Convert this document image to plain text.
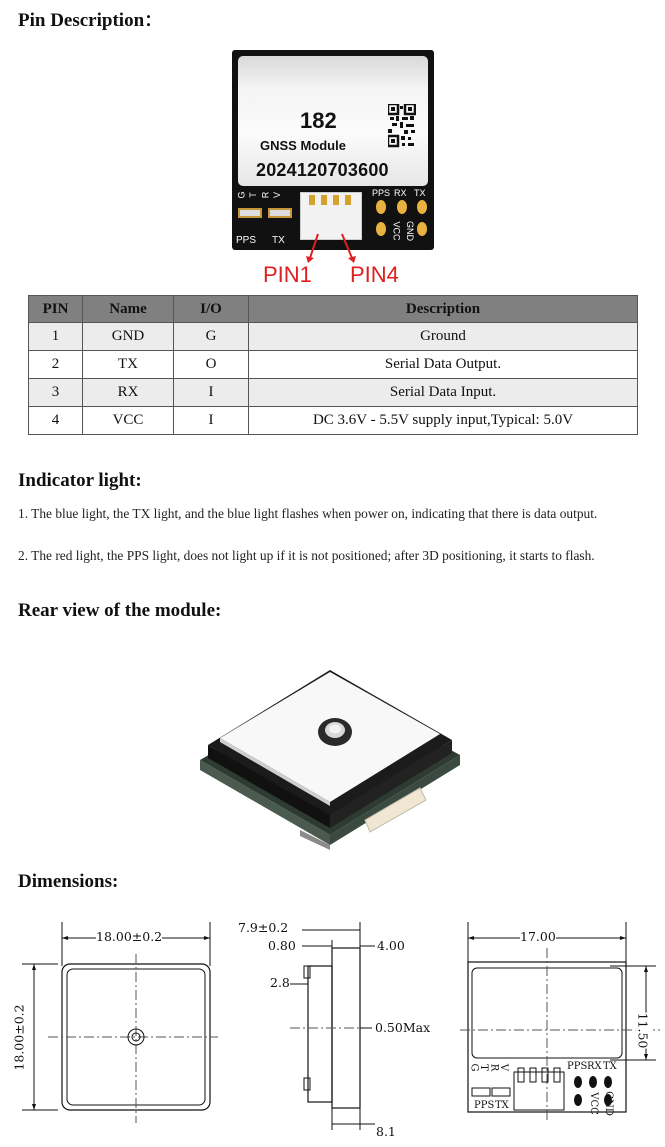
Pin Description：
182
GNSS Module
2024120703600
G T R V
PPS TX
PPS RX TX
VCC GND
PIN1 PIN4
PIN	Name	I/O	Description
1	GND	G	Ground
2	TX	O	Serial Data Output.
3	RX	I	Serial Data Input.
4	VCC	I	DC 3.6V - 5.5V supply input,Typical: 5.0V
Indicator light:

1. The blue light, the TX light, and the blue light flashes when power on, indicating that there is data output.

2. The red light, the PPS light, does not light up if it is not positioned; after 3D positioning, it starts to flash.

Rear view of the module:
Dimensions:
18.00±0.2
18.00±0.2
7.9±0.2
0.80	4.00
2.8
0.50Max
8.1
17.00
11.50
G
T R
V	PPS RX TX
VCC GND
PPS TX
